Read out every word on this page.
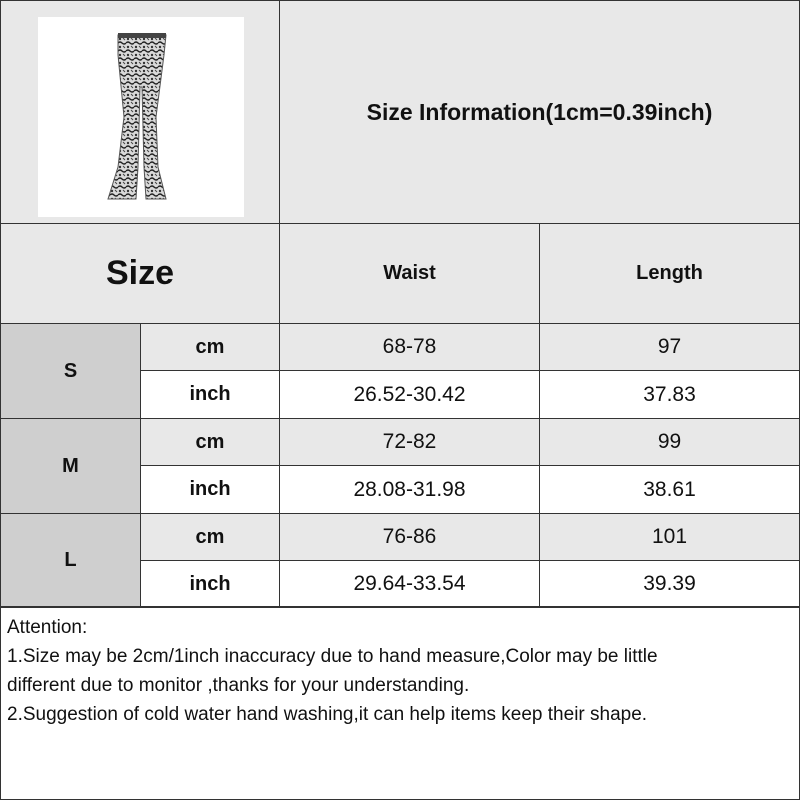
Size Information(1cm=0.39inch)
Size	Waist	Length
S
cm	68-78	97
inch	26.52-30.42	37.83
M
cm	72-82	99
inch	28.08-31.98	38.61
L
cm	76-86	101
inch	29.64-33.54	39.39

Attention:

1.Size may be 2cm/1inch inaccuracy due to hand measure,Color may be little

different due to monitor ,thanks for your understanding.

2.Suggestion of cold water hand washing,it can help items keep their shape.
